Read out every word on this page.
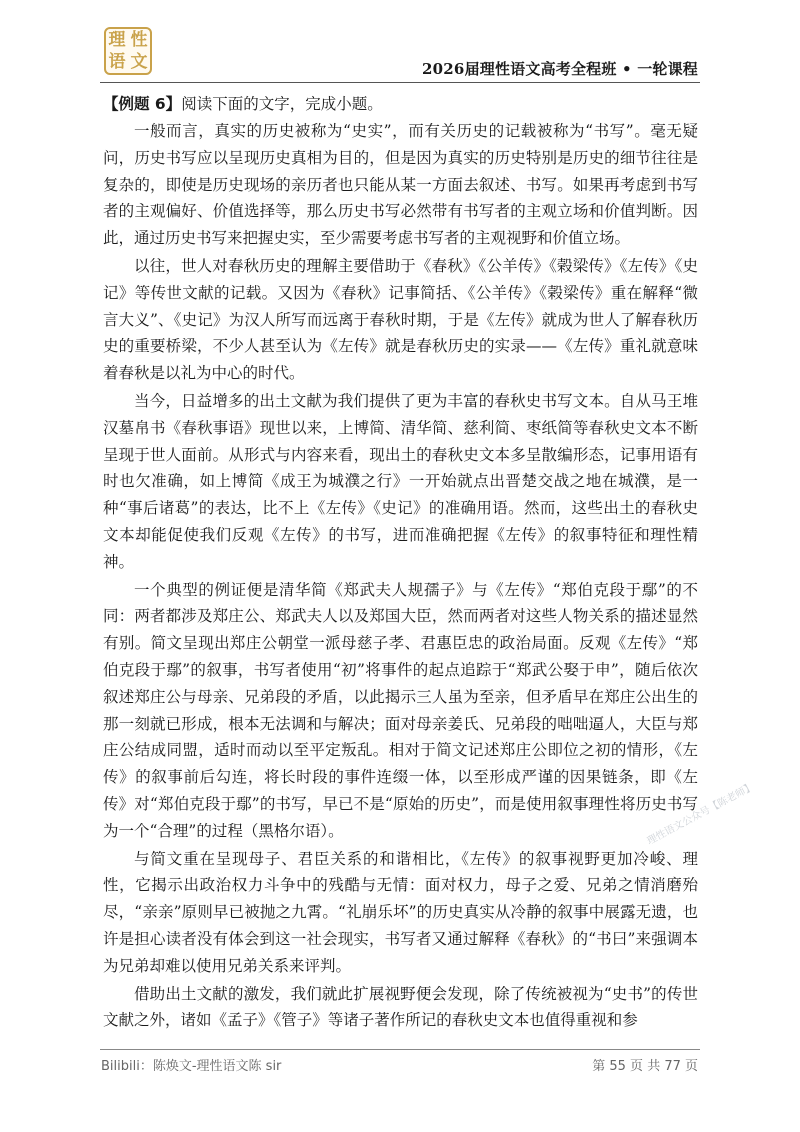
理 性
语 文	2026届理性语文高考全程班 • 一轮课程

【例题 6】阅读下面的文字，完成小题。

一般而言，真实的历史被称为“史实”，而有关历史的记载被称为“书写”。毫无疑问，历史书写应以呈现历史真相为目的，但是因为真实的历史特别是历史的细节往往是复杂的，即使是历史现场的亲历者也只能从某一方面去叙述、书写。如果再考虑到书写者的主观偏好、价值选择等，那么历史书写必然带有书写者的主观立场和价值判断。因此，通过历史书写来把握史实，至少需要考虑书写者的主观视野和价值立场。

以往，世人对春秋历史的理解主要借助于《春秋》《公羊传》《榖梁传》《左传》《史记》等传世文献的记载。又因为《春秋》记事简括、《公羊传》《榖梁传》重在解释“微言大义”、《史记》为汉人所写而远离于春秋时期，于是《左传》就成为世人了解春秋历史的重要桥梁，不少人甚至认为《左传》就是春秋历史的实录——《左传》重礼就意味着春秋是以礼为中心的时代。

当今，日益增多的出土文献为我们提供了更为丰富的春秋史书写文本。自从马王堆汉墓帛书《春秋事语》现世以来，上博简、清华简、慈利简、枣纸简等春秋史文本不断呈现于世人面前。从形式与内容来看，现出土的春秋史文本多呈散编形态，记事用语有时也欠准确，如上博简《成王为城濮之行》一开始就点出晋楚交战之地在城濮，是一种“事后诸葛”的表达，比不上《左传》《史记》的准确用语。然而，这些出土的春秋史文本却能促使我们反观《左传》的书写，进而准确把握《左传》的叙事特征和理性精神。

一个典型的例证便是清华简《郑武夫人规孺子》与《左传》“郑伯克段于鄢”的不同：两者都涉及郑庄公、郑武夫人以及郑国大臣，然而两者对这些人物关系的描述显然有别。简文呈现出郑庄公朝堂一派母慈子孝、君惠臣忠的政治局面。反观《左传》“郑伯克段于鄢”的叙事，书写者使用“初”将事件的起点追踪于“郑武公娶于申”，随后依次叙述郑庄公与母亲、兄弟段的矛盾，以此揭示三人虽为至亲，但矛盾早在郑庄公出生的那一刻就已形成，根本无法调和与解决；面对母亲姜氏、兄弟段的咄咄逼人，大臣与郑庄公结成同盟，适时而动以至平定叛乱。相对于简文记述郑庄公即位之初的情形，《左传》的叙事前后勾连，将长时段的事件连缀一体，以至形成严谨的因果链条，即《左传》对“郑伯克段于鄢”的书写，早已不是“原始的历史”，而是使用叙事理性将历史书写为一个“合理”的过程（黑格尔语）。

与简文重在呈现母子、君臣关系的和谐相比，《左传》的叙事视野更加冷峻、理性，它揭示出政治权力斗争中的残酷与无情：面对权力，母子之爱、兄弟之情消磨殆尽，“亲亲”原则早已被抛之九霄。“礼崩乐坏”的历史真实从冷静的叙事中展露无遗，也许是担心读者没有体会到这一社会现实，书写者又通过解释《春秋》的“书曰”来强调本为兄弟却难以使用兄弟关系来评判。

借助出土文献的激发，我们就此扩展视野便会发现，除了传统被视为“史书”的传世文献之外，诸如《孟子》《管子》等诸子著作所记的春秋史文本也值得重视和参

理性语文公众号【陈老师】
Bilibili：陈焕文-理性语文陈 sir	第 55 页 共 77 页
